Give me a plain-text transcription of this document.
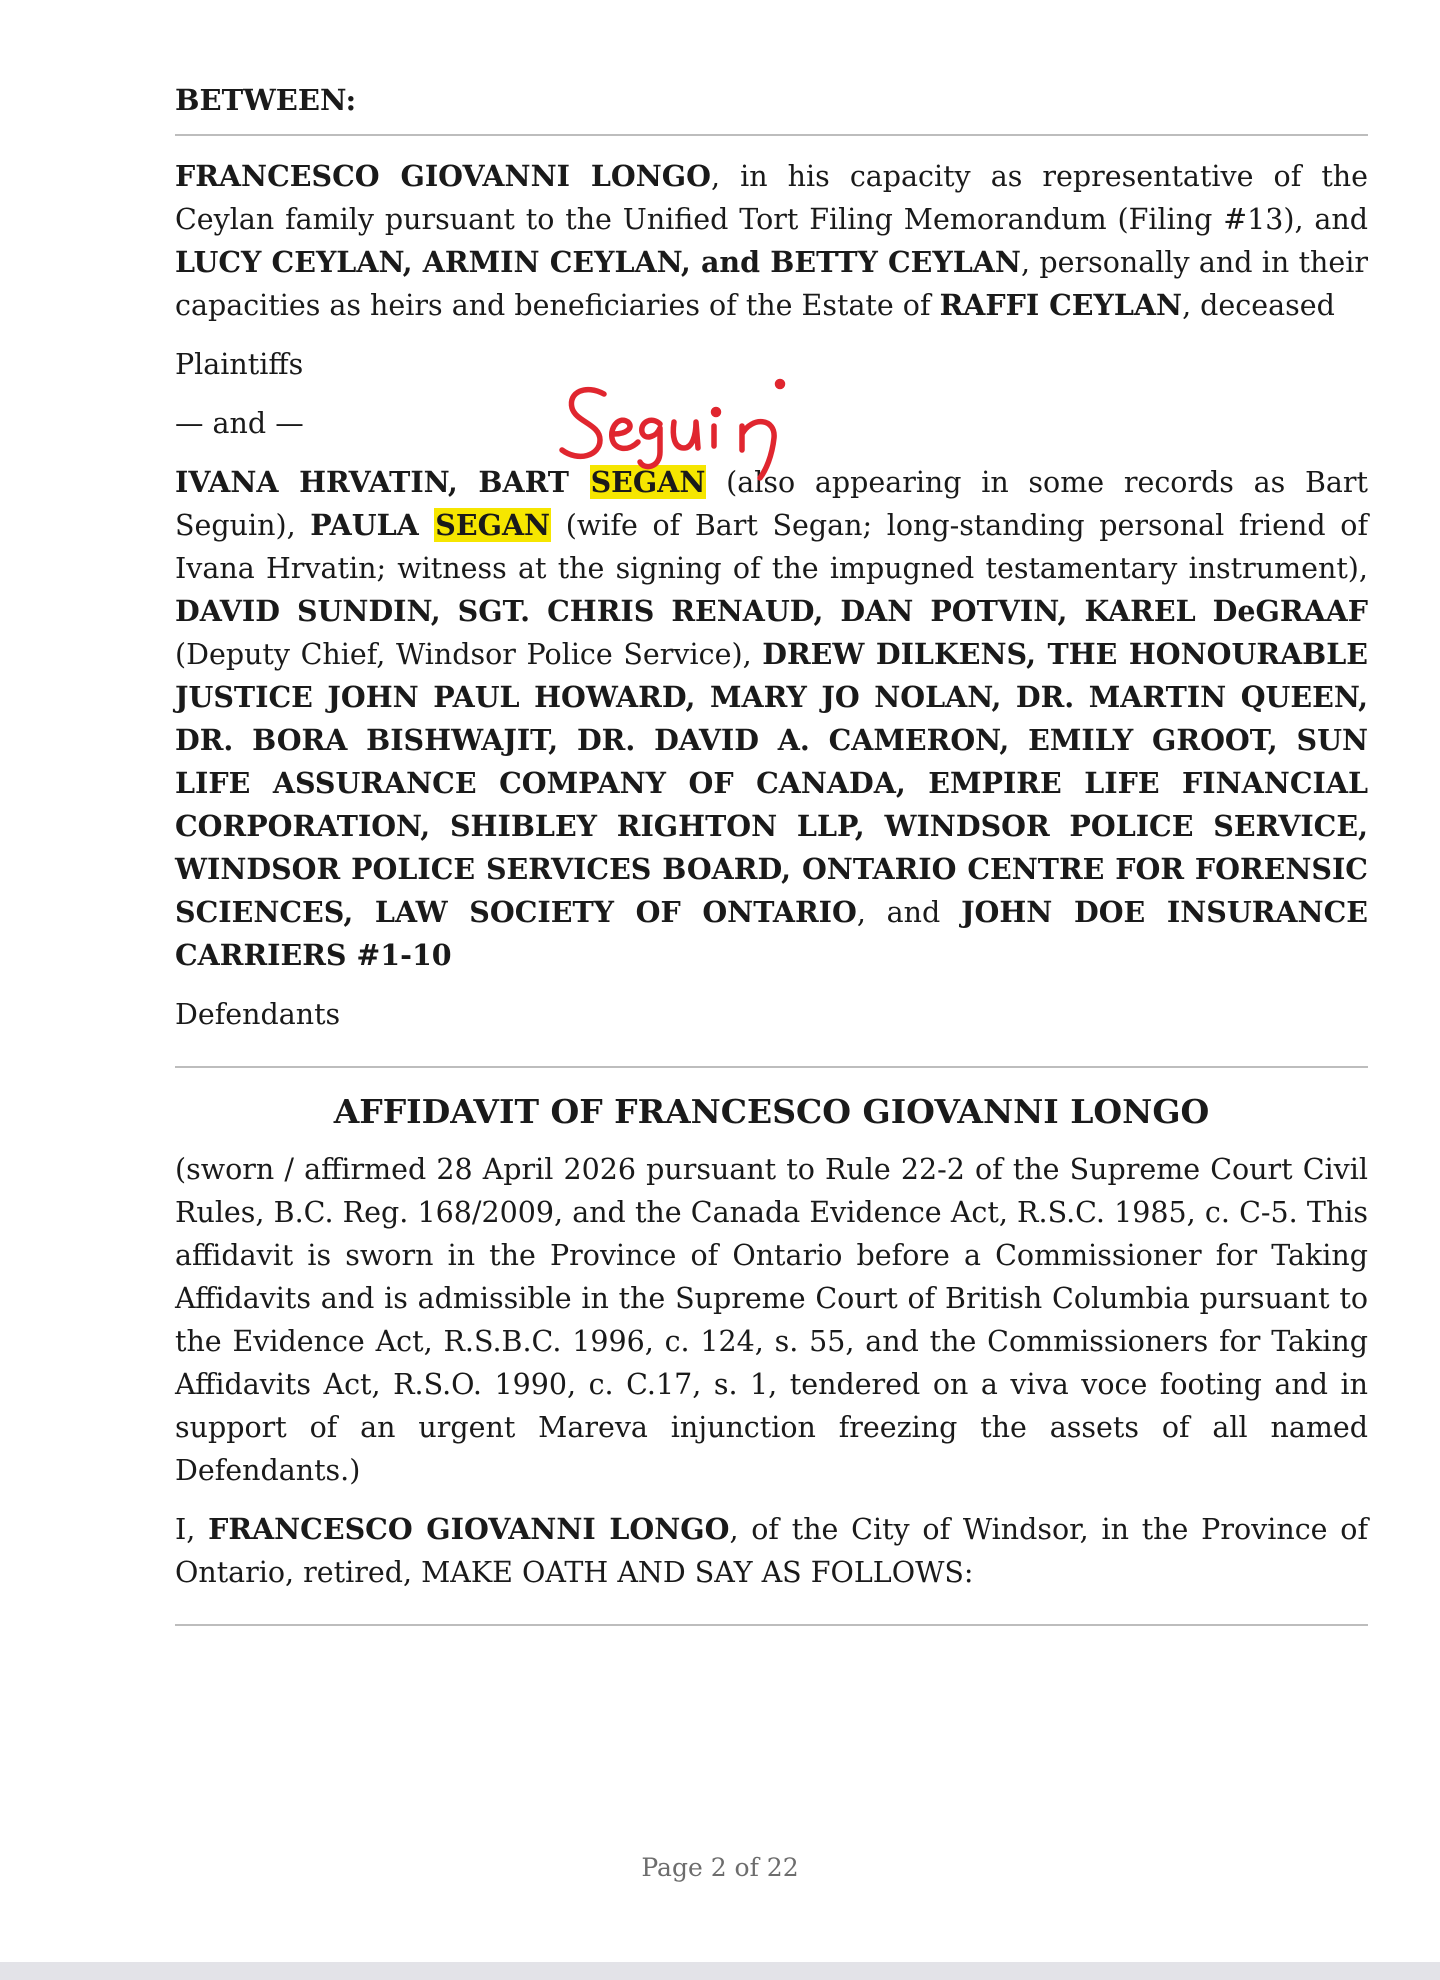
BETWEEN:

FRANCESCO GIOVANNI LONGO, in his capacity as representative of the Ceylan family pursuant to the Unified Tort Filing Memorandum (Filing #13), and LUCY CEYLAN, ARMIN CEYLAN, and BETTY CEYLAN, personally and in their capacities as heirs and beneficiaries of the Estate of RAFFI CEYLAN, deceased

Plaintiffs

— and —

IVANA HRVATIN, BART SEGAN (also appearing in some records as Bart Seguin), PAULA SEGAN (wife of Bart Segan; long-standing personal friend of Ivana Hrvatin; witness at the signing of the impugned testamentary instrument), DAVID SUNDIN, SGT. CHRIS RENAUD, DAN POTVIN, KAREL DeGRAAF (Deputy Chief, Windsor Police Service), DREW DILKENS, THE HONOURABLE JUSTICE JOHN PAUL HOWARD, MARY JO NOLAN, DR. MARTIN QUEEN, DR. BORA BISHWAJIT, DR. DAVID A. CAMERON, EMILY GROOT, SUN LIFE ASSURANCE COMPANY OF CANADA, EMPIRE LIFE FINANCIAL CORPORATION, SHIBLEY RIGHTON LLP, WINDSOR POLICE SERVICE, WINDSOR POLICE SERVICES BOARD, ONTARIO CENTRE FOR FORENSIC SCIENCES, LAW SOCIETY OF ONTARIO, and JOHN DOE INSURANCE CARRIERS #1-10

Defendants

AFFIDAVIT OF FRANCESCO GIOVANNI LONGO

(sworn / affirmed 28 April 2026 pursuant to Rule 22-2 of the Supreme Court Civil Rules, B.C. Reg. 168/2009, and the Canada Evidence Act, R.S.C. 1985, c. C-5. This affidavit is sworn in the Province of Ontario before a Commissioner for Taking Affidavits and is admissible in the Supreme Court of British Columbia pursuant to the Evidence Act, R.S.B.C. 1996, c. 124, s. 55, and the Commissioners for Taking Affidavits Act, R.S.O. 1990, c. C.17, s. 1, tendered on a viva voce footing and in support of an urgent Mareva injunction freezing the assets of all named Defendants.)

I, FRANCESCO GIOVANNI LONGO, of the City of Windsor, in the Province of Ontario, retired, MAKE OATH AND SAY AS FOLLOWS:

Page 2 of 22
